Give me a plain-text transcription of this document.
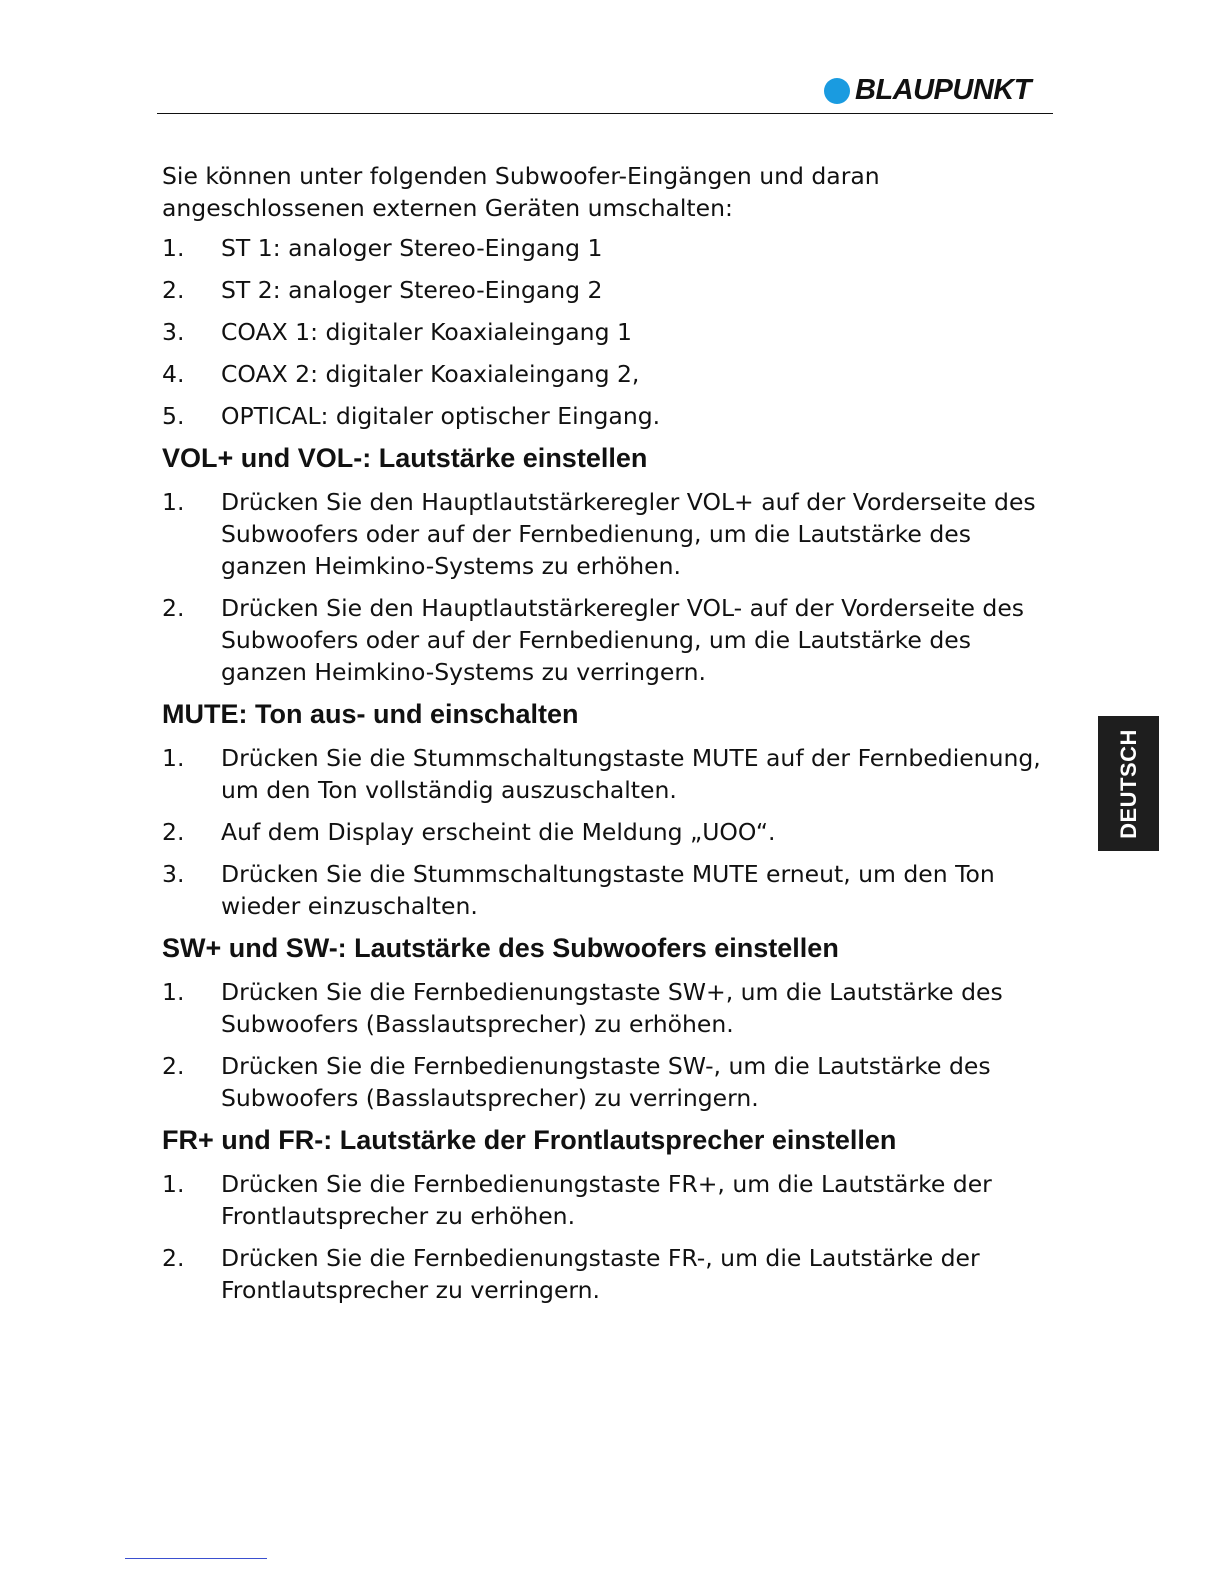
BLAUPUNKT

Sie können unter folgenden Subwoofer-Eingängen und daran angeschlossenen externen Geräten umschalten:

1.	ST 1: analoger Stereo-Eingang 1
2.	ST 2: analoger Stereo-Eingang 2
3.	COAX 1: digitaler Koaxialeingang 1
4.	COAX 2: digitaler Koaxialeingang 2,
5.	OPTICAL: digitaler optischer Eingang.
VOL+ und VOL-: Lautstärke einstellen
1.	Drücken Sie den Hauptlautstärkeregler VOL+ auf der Vorderseite des Subwoofers oder auf der Fernbedienung, um die Lautstärke des ganzen Heimkino-Systems zu erhöhen.
2.	Drücken Sie den Hauptlautstärkeregler VOL- auf der Vorderseite des Subwoofers oder auf der Fernbedienung, um die Lautstärke des ganzen Heimkino-Systems zu verringern.
MUTE: Ton aus- und einschalten
1.	Drücken Sie die Stummschaltungstaste MUTE auf der Fernbedienung, um den Ton vollständig auszuschalten.
2.	Auf dem Display erscheint die Meldung „UOO“.
3.	Drücken Sie die Stummschaltungstaste MUTE erneut, um den Ton wieder einzuschalten.
SW+ und SW-: Lautstärke des Subwoofers einstellen
1.	Drücken Sie die Fernbedienungstaste SW+, um die Lautstärke des Subwoofers (Basslautsprecher) zu erhöhen.
2.	Drücken Sie die Fernbedienungstaste SW-, um die Lautstärke des Subwoofers (Basslautsprecher) zu verringern.
FR+ und FR-: Lautstärke der Frontlautsprecher einstellen
1.	Drücken Sie die Fernbedienungstaste FR+, um die Lautstärke der Frontlautsprecher zu erhöhen.
2.	Drücken Sie die Fernbedienungstaste FR-, um die Lautstärke der Frontlautsprecher zu verringern.
DEUTSCH
